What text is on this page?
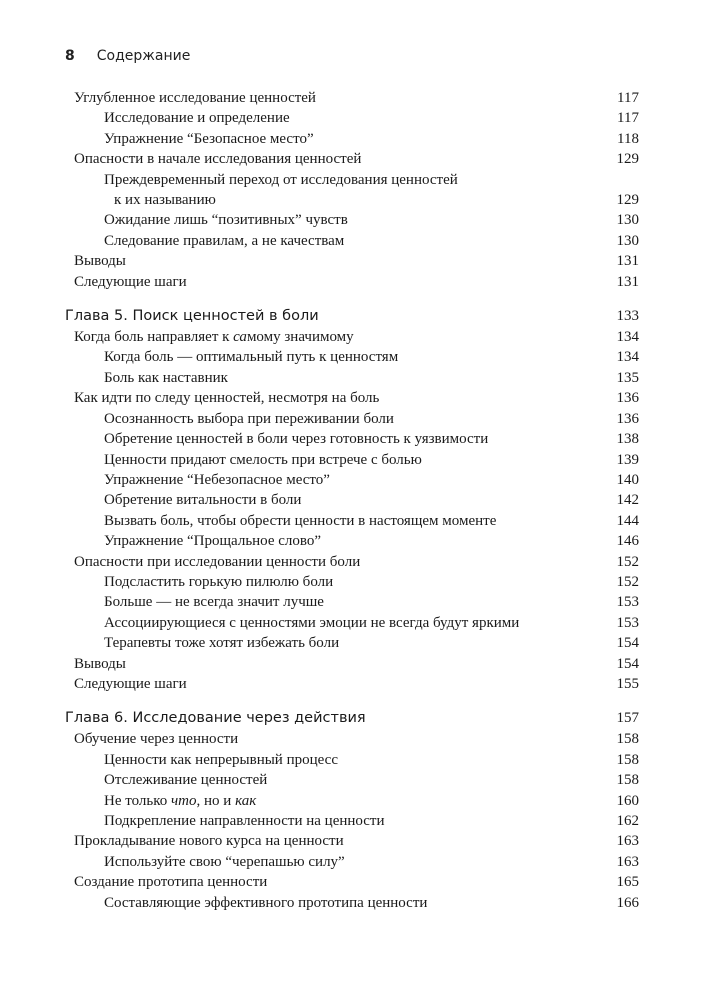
8 Содержание
Углубленное исследование ценностей	117
Исследование и определение	117
Упражнение “Безопасное место”	118
Опасности в начале исследования ценностей	129
Преждевременный переход от исследования ценностей
к их называнию	129
Ожидание лишь “позитивных” чувств	130
Следование правилам, а не качествам	130
Выводы	131
Следующие шаги	131
Глава 5. Поиск ценностей в боли	133
Когда боль направляет к самому значимому	134
Когда боль — оптимальный путь к ценностям	134
Боль как наставник	135
Как идти по следу ценностей, несмотря на боль	136
Осознанность выбора при переживании боли	136
Обретение ценностей в боли через готовность к уязвимости	138
Ценности придают смелость при встрече с болью	139
Упражнение “Небезопасное место”	140
Обретение витальности в боли	142
Вызвать боль, чтобы обрести ценности в настоящем моменте	144
Упражнение “Прощальное слово”	146
Опасности при исследовании ценности боли	152
Подсластить горькую пилюлю боли	152
Больше — не всегда значит лучше	153
Ассоциирующиеся с ценностями эмоции не всегда будут яркими	153
Терапевты тоже хотят избежать боли	154
Выводы	154
Следующие шаги	155
Глава 6. Исследование через действия	157
Обучение через ценности	158
Ценности как непрерывный процесс	158
Отслеживание ценностей	158
Не только что, но и как	160
Подкрепление направленности на ценности	162
Прокладывание нового курса на ценности	163
Используйте свою “черепашью силу”	163
Создание прототипа ценности	165
Составляющие эффективного прототипа ценности	166
